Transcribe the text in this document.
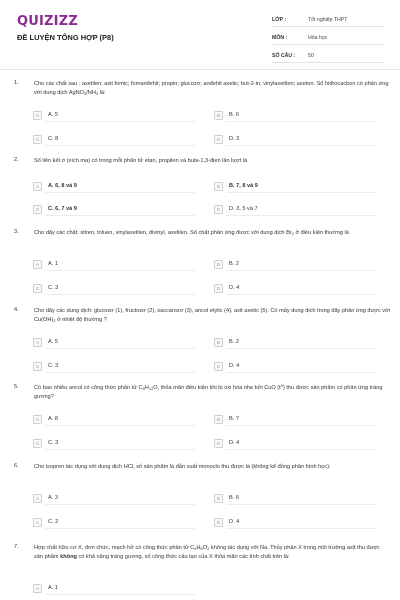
QUIZIZZ
ĐỀ LUYỆN TỔNG HỢP (P8)
LỚP :	Tốt nghiệp THPT
MÔN :	Hóa học
SỐ CÂU :	50
1.	Cho các chất sau : axetilen; axit fomic; fomanđehit; propin; glucozơ; anđehit axetic; but-2-in; vinylaxetilen; axeton. Số hiđrocacbon có phản ứng với dung dịch $AgNO_3/NH_3$ là:
A	A. 5	B	B. 6
C	C. 8	D	D. 3
2.	Số liên kết σ (xích ma) có trong mỗi phân tử etan, propilen và buta-1,3-đien lần lượt là
A	A. 6, 8 và 9	B	B. 7, 8 và 9
C	C. 6, 7 và 9	D	D. 3, 5 và 7
3.	Cho dãy các chất: stiren, toluen, vinylaxetilen, divinyl, axetilen. Số chất phản ứng được với dung dịch $Br_2$ ở điều kiện thường là
A	A. 1	B	B. 2
C	C. 3	D	D. 4
4.	Cho dãy các dung dịch: glucozơ (1), fructozơ (2), saccarozơ (3), ancol etylic (4), axit axetic (5). Có mấy dung dịch trong dãy phản ứng được với $Cu(OH)_2$ ở nhiệt độ thường ?
A	A. 5	B	B. 2
C	C. 3	D	D. 4
5.	Có bao nhiêu ancol có công thức phân tử $C_5H_{12}O$, thỏa mãn điều kiện khi bị oxi hóa nhẹ bởi CuO $(t^0)$ thu được sản phẩm có phản ứng tráng gương?
A	A. 8	B	B. 7
C	C. 3	D	D. 4
6.	Cho isopren tác dụng với dung dịch HCl, số sản phẩm là dẫn xuất monoclo thu được là (không kể đồng phân hình học):
A	A. 3	B	B. 6
C	C. 2	D	D. 4
7.	Hợp chất hữu cơ X, đơn chức, mạch hở có công thức phân tử $C_4H_8O_2$ không tác dụng với Na. Thủy phân X trong môi trường axit thu được sản phẩm không có khả năng tráng gương, số công thức cấu tạo của X thỏa mãn các tính chất trên là:
A	A. 1
